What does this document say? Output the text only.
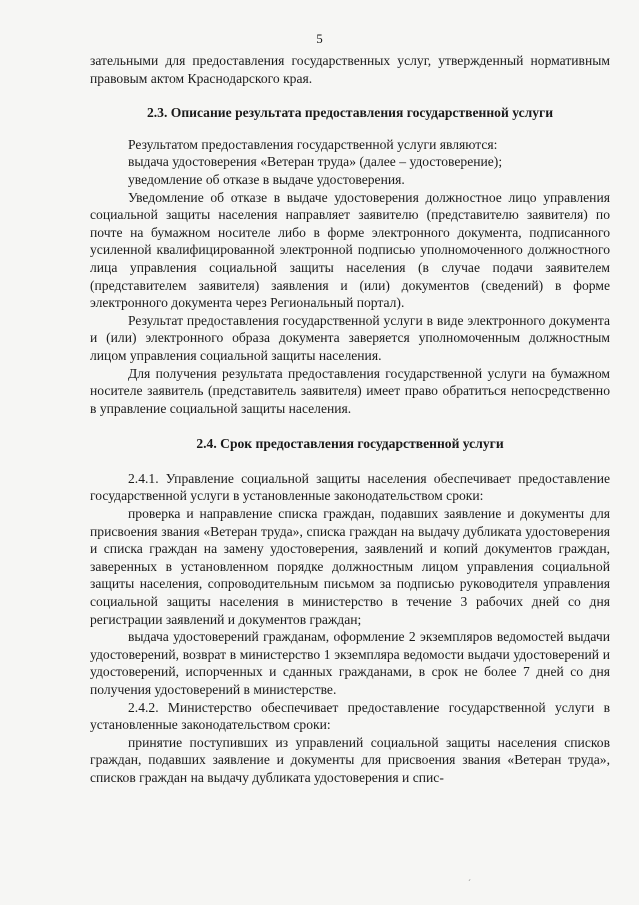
5

зательными для предоставления государственных услуг, утвержденный нормативным правовым актом Краснодарского края.

2.3. Описание результата предоставления государственной услуги

Результатом предоставления государственной услуги являются:

выдача удостоверения «Ветеран труда» (далее – удостоверение);

уведомление об отказе в выдаче удостоверения.

Уведомление об отказе в выдаче удостоверения должностное лицо управления социальной защиты населения направляет заявителю (представителю заявителя) по почте на бумажном носителе либо в форме электронного документа, подписанного усиленной квалифицированной электронной подписью уполномоченного должностного лица управления социальной защиты населения (в случае подачи заявителем (представителем заявителя) заявления и (или) документов (сведений) в форме электронного документа через Региональный портал).

Результат предоставления государственной услуги в виде электронного документа и (или) электронного образа документа заверяется уполномоченным должностным лицом управления социальной защиты населения.

Для получения результата предоставления государственной услуги на бумажном носителе заявитель (представитель заявителя) имеет право обратиться непосредственно в управление социальной защиты населения.

2.4. Срок предоставления государственной услуги

2.4.1. Управление социальной защиты населения обеспечивает предоставление государственной услуги в установленные законодательством сроки:

проверка и направление списка граждан, подавших заявление и документы для присвоения звания «Ветеран труда», списка граждан на выдачу дубликата удостоверения и списка граждан на замену удостоверения, заявлений и копий документов граждан, заверенных в установленном порядке должностным лицом управления социальной защиты населения, сопроводительным письмом за подписью руководителя управления социальной защиты населения в министерство в течение 3 рабочих дней со дня регистрации заявлений и документов граждан;

выдача удостоверений гражданам, оформление 2 экземпляров ведомостей выдачи удостоверений, возврат в министерство 1 экземпляра ведомости выдачи удостоверений и удостоверений, испорченных и сданных гражданами, в срок не более 7 дней со дня получения удостоверений в министерстве.

2.4.2. Министерство обеспечивает предоставление государственной услуги в установленные законодательством сроки:

принятие поступивших из управлений социальной защиты населения списков граждан, подавших заявление и документы для присвоения звания «Ветеран труда», списков граждан на выдачу дубликата удостоверения и спис-

ˊ
